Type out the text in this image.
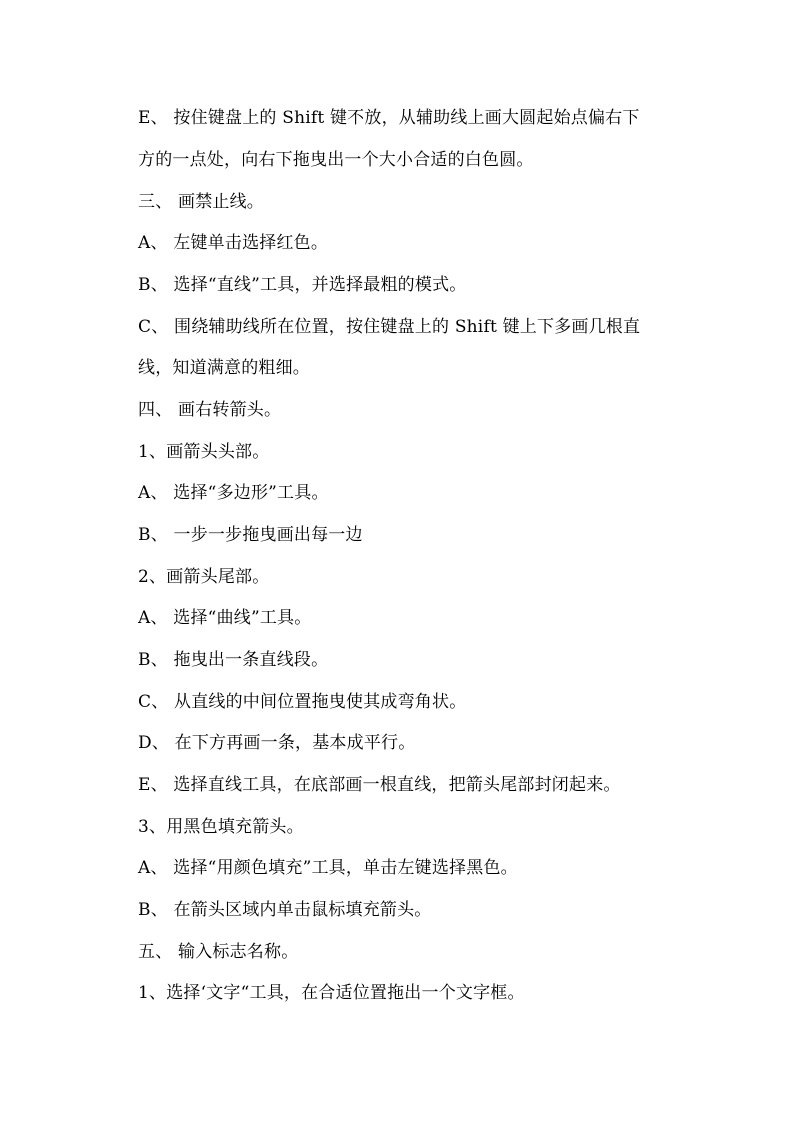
E、 按住键盘上的 Shift 键不放，从辅助线上画大圆起始点偏右下
方的一点处，向右下拖曳出一个大小合适的白色圆。
三、 画禁止线。
A、 左键单击选择红色。
B、 选择“直线”工具，并选择最粗的模式。
C、 围绕辅助线所在位置，按住键盘上的 Shift 键上下多画几根直
线，知道满意的粗细。
四、 画右转箭头。
1、画箭头头部。
A、 选择“多边形”工具。
B、 一步一步拖曳画出每一边
2、画箭头尾部。
A、 选择“曲线”工具。
B、 拖曳出一条直线段。
C、 从直线的中间位置拖曳使其成弯角状。
D、 在下方再画一条，基本成平行。
E、 选择直线工具，在底部画一根直线，把箭头尾部封闭起来。
3、用黑色填充箭头。
A、 选择“用颜色填充”工具，单击左键选择黑色。
B、 在箭头区域内单击鼠标填充箭头。
五、 输入标志名称。
1、选择‘文字“工具，在合适位置拖出一个文字框。
